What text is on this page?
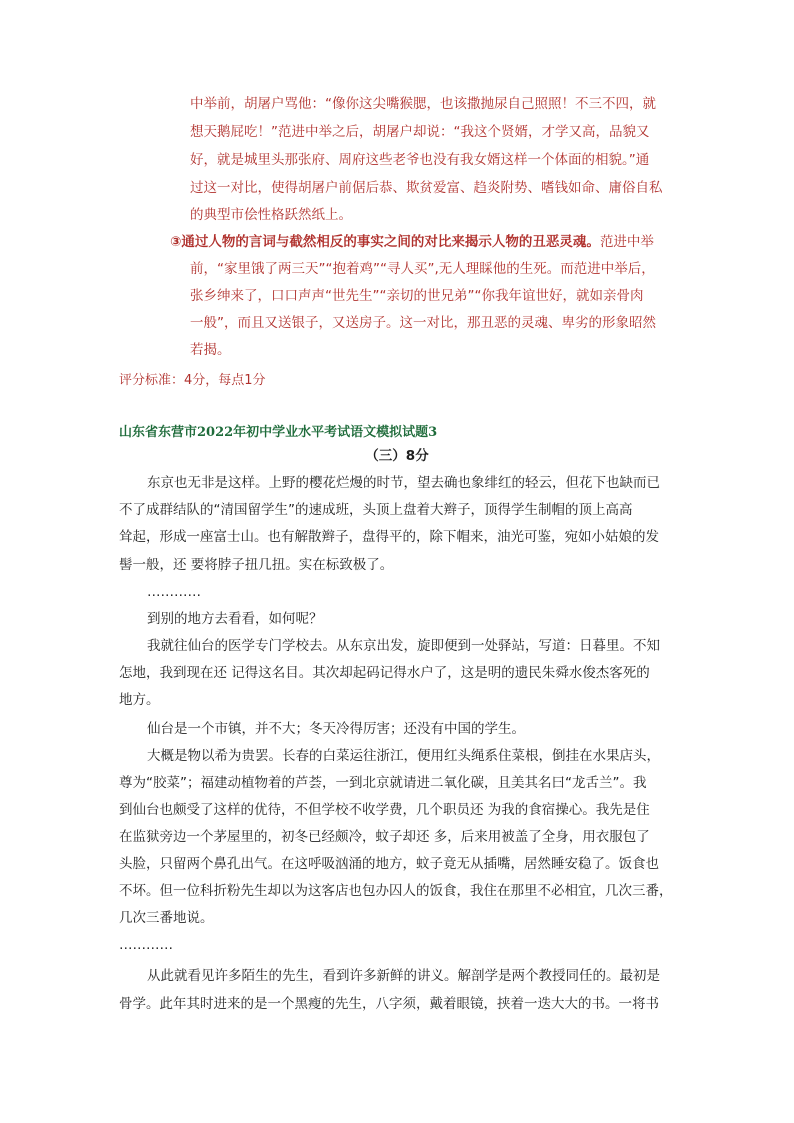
中举前，胡屠户骂他：“像你这尖嘴猴腮，也该撒抛尿自己照照！不三不四，就
想天鹅屁吃！”范进中举之后，胡屠户却说：“我这个贤婿，才学又高，品貌又
好，就是城里头那张府、周府这些老爷也没有我女婿这样一个体面的相貌。”通
过这一对比，使得胡屠户前倨后恭、欺贫爱富、趋炎附势、嗜钱如命、庸俗自私
的典型市侩性格跃然纸上。
③通过人物的言词与截然相反的事实之间的对比来揭示人物的丑恶灵魂。范进中举
前，“家里饿了两三天”“抱着鸡”“寻人买”,无人理睬他的生死。而范进中举后，
张乡绅来了，口口声声“世先生”“亲切的世兄弟”“你我年谊世好，就如亲骨肉
一般”，而且又送银子，又送房子。这一对比，那丑恶的灵魂、卑劣的形象昭然
若揭。
评分标准：4分，每点1分
山东省东营市2022年初中学业水平考试语文模拟试题3
（三）8分
东京也无非是这样。上野的樱花烂熳的时节，望去确也象绯红的轻云，但花下也缺而已
不了成群结队的“清国留学生”的速成班，头顶上盘着大辫子，顶得学生制帽的顶上高高
耸起，形成一座富士山。也有解散辫子，盘得平的，除下帽来，油光可鉴，宛如小姑娘的发
髻一般，还 要将脖子扭几扭。实在标致极了。
…………
到别的地方去看看，如何呢？
我就往仙台的医学专门学校去。从东京出发，旋即便到一处驿站，写道：日暮里。不知
怎地，我到现在还 记得这名目。其次却起码记得水户了，这是明的遗民朱舜水俊杰客死的
地方。
仙台是一个市镇，并不大；冬天冷得厉害；还没有中国的学生。
大概是物以希为贵罢。长春的白菜运往浙江，便用红头绳系住菜根，倒挂在水果店头，
尊为“胶菜”；福建动植物着的芦荟，一到北京就请进二氧化碳，且美其名曰“龙舌兰”。我
到仙台也颇受了这样的优待，不但学校不收学费，几个职员还 为我的食宿操心。我先是住
在监狱旁边一个茅屋里的，初冬已经颇冷，蚊子却还 多，后来用被盖了全身，用衣服包了
头脸，只留两个鼻孔出气。在这呼吸汹涌的地方，蚊子竟无从插嘴，居然睡安稳了。饭食也
不坏。但一位科折粉先生却以为这客店也包办囚人的饭食，我住在那里不必相宜，几次三番，
几次三番地说。
…………
从此就看见许多陌生的先生，看到许多新鲜的讲义。解剖学是两个教授同任的。最初是
骨学。此年其时进来的是一个黑瘦的先生，八字须，戴着眼镜，挟着一迭大大的书。一将书
